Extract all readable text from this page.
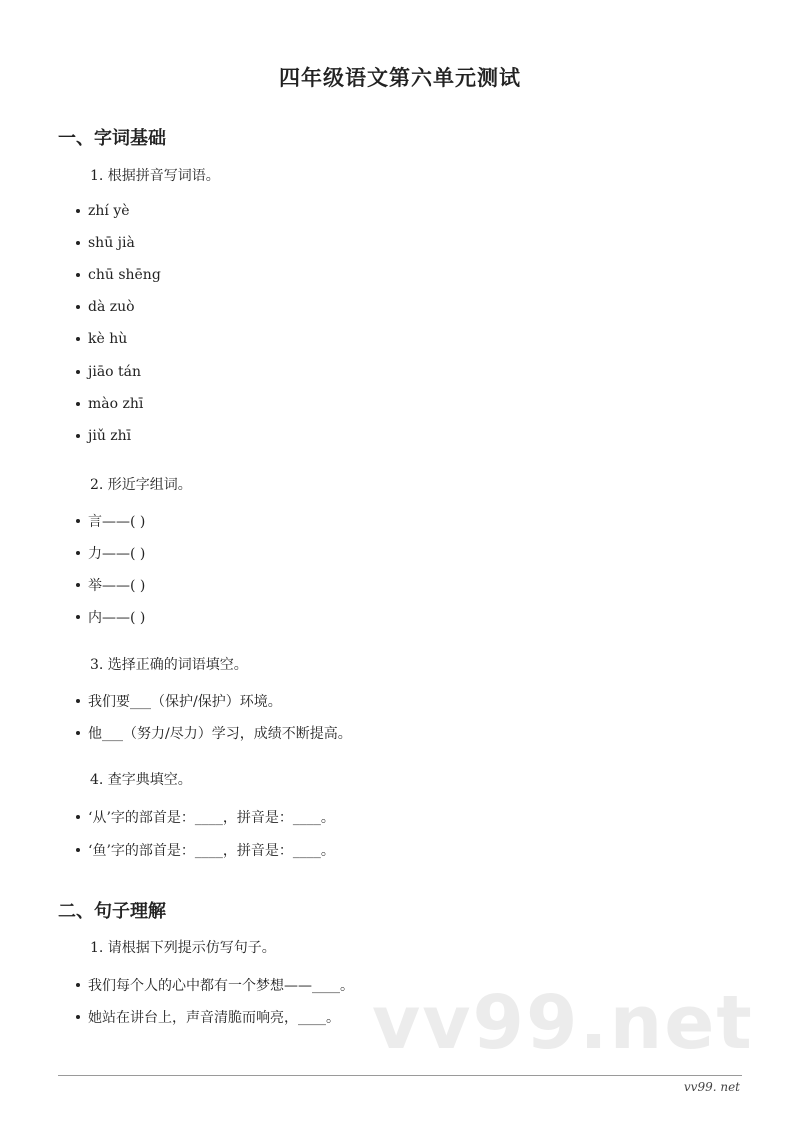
四年级语文第六单元测试
一、字词基础
1. 根据拼音写词语。
zhí yè
shū jià
chū shēng
dà zuò
kè hù
jiāo tán
mào zhī
jiǔ zhī
2. 形近字组词。
言——( )
力——( )
举——( )
内——( )
3. 选择正确的词语填空。
我们要___（保护/保护）环境。
他___（努力/尽力）学习，成绩不断提高。
4. 查字典填空。
‘从’字的部首是：____，拼音是：____。
‘鱼’字的部首是：____，拼音是：____。
二、句子理解
1. 请根据下列提示仿写句子。
我们每个人的心中都有一个梦想——____。
她站在讲台上，声音清脆而响亮，____。 vv99.net
vv99. net
